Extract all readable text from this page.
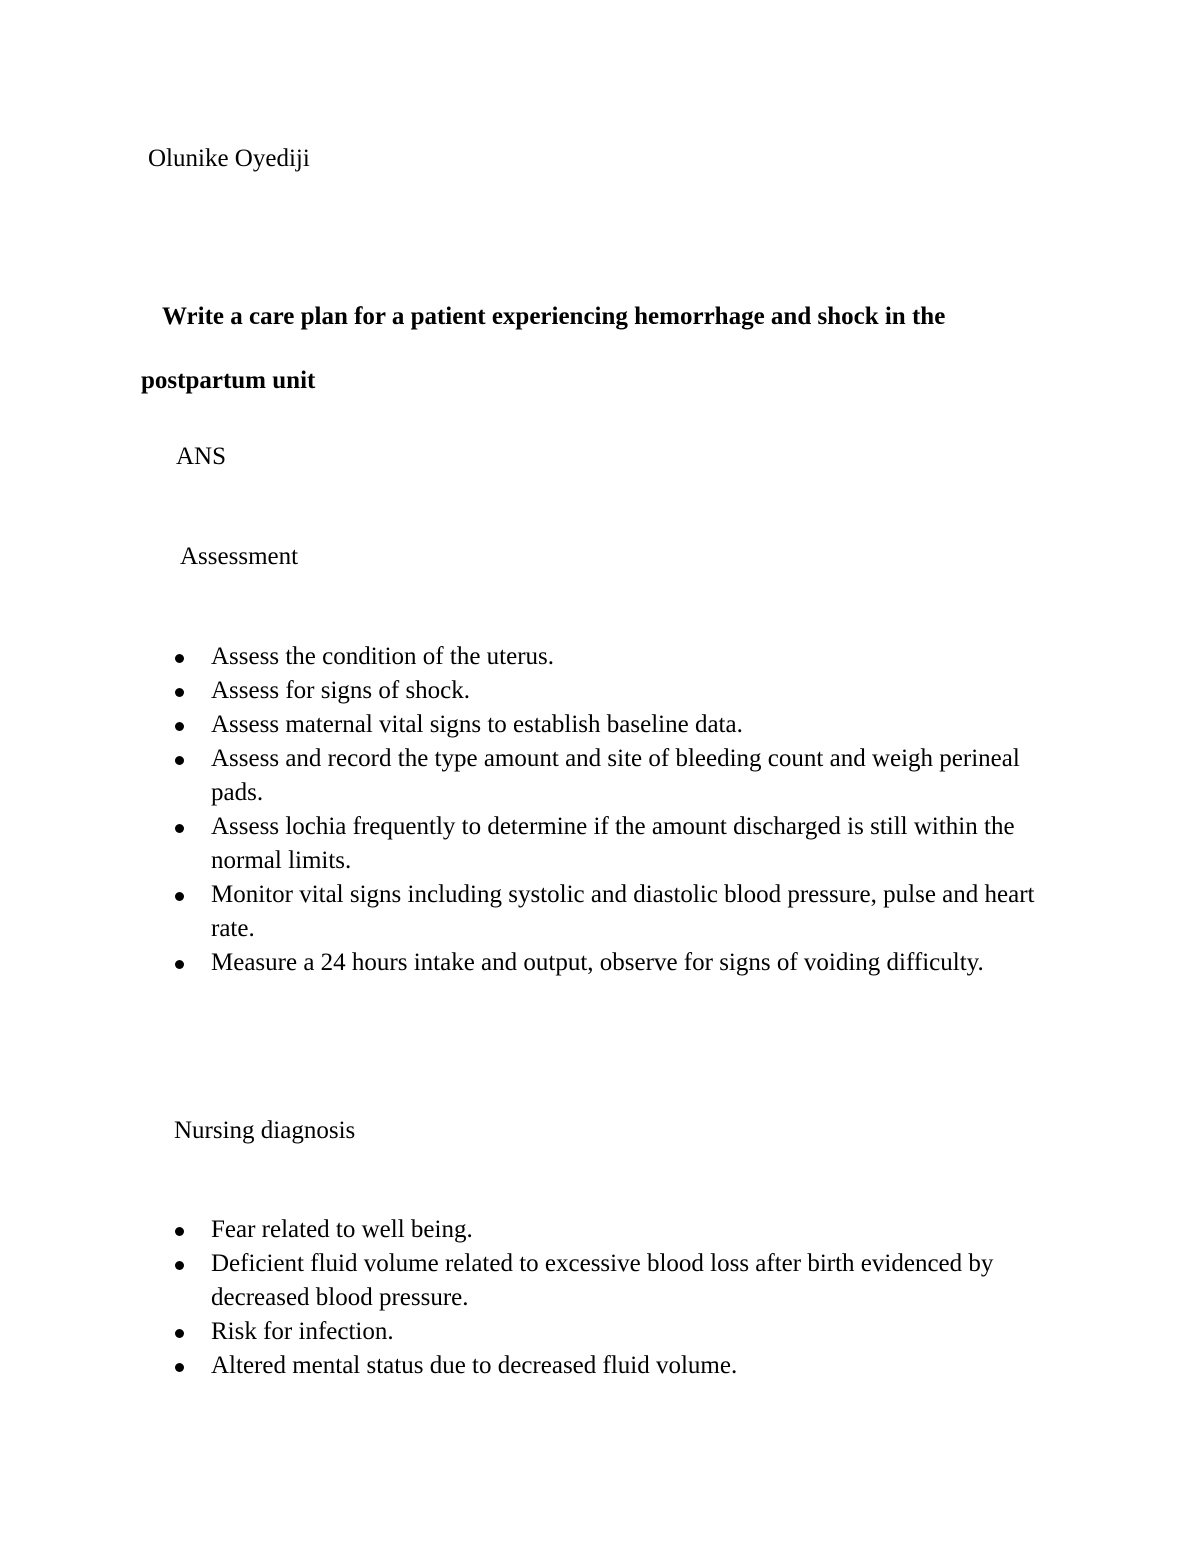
Olunike Oyediji
Write a care plan for a patient experiencing hemorrhage and shock in the
postpartum unit
ANS
Assessment
Assess the condition of the uterus.
Assess for signs of shock.
Assess maternal vital signs to establish baseline data.
Assess and record the type amount and site of bleeding count and weigh perineal pads.
Assess lochia frequently to determine if the amount discharged is still within the normal limits.
Monitor vital signs including systolic and diastolic blood pressure, pulse and heart rate.
Measure a 24 hours intake and output, observe for signs of voiding difficulty.
Nursing diagnosis
Fear related to well being.
Deficient fluid volume related to excessive blood loss after birth evidenced by decreased blood pressure.
Risk for infection.
Altered mental status due to decreased fluid volume.
